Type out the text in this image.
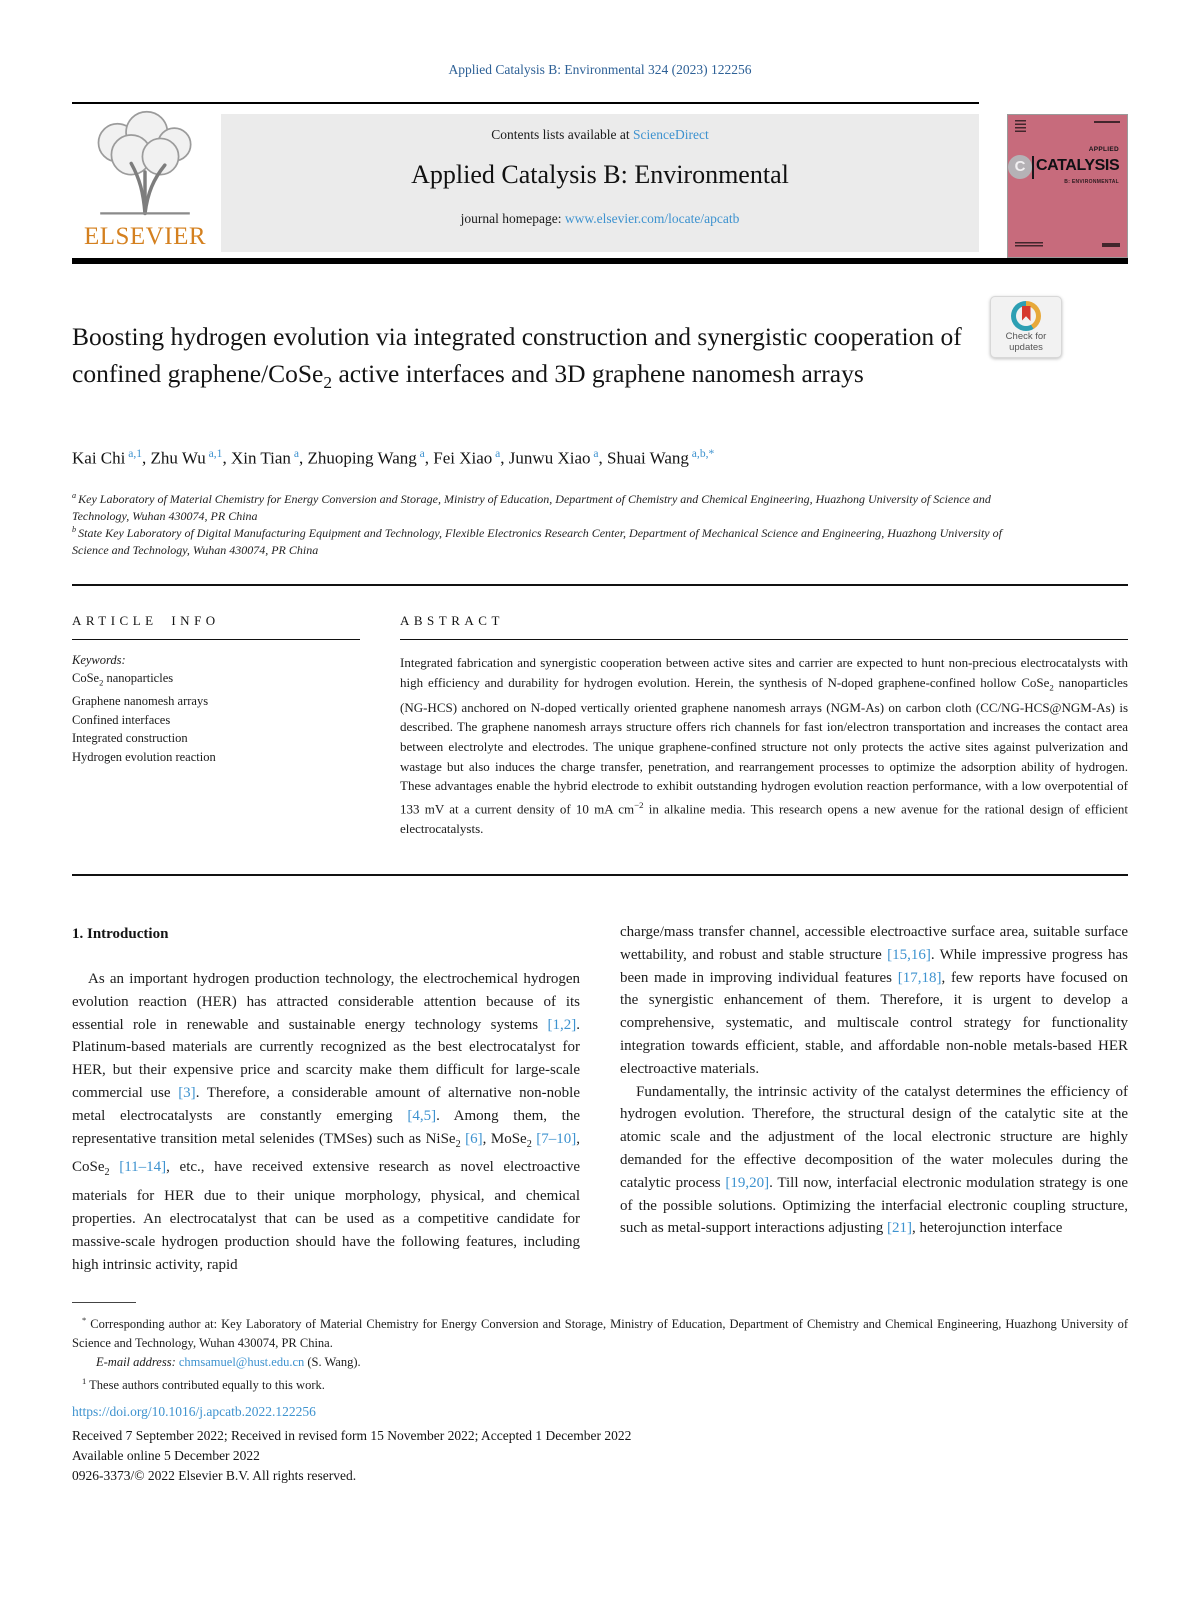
Applied Catalysis B: Environmental 324 (2023) 122256
ELSEVIER
Contents lists available at ScienceDirect
Applied Catalysis B: Environmental
journal homepage: www.elsevier.com/locate/apcatb
C
APPLIED
CATALYSIS
B: ENVIRONMENTAL
Check for updates
Boosting hydrogen evolution via integrated construction and synergistic cooperation of confined graphene/CoSe$_2$ active interfaces and 3D graphene nanomesh arrays
Kai Chi $^{a,1}$, Zhu Wu $^{a,1}$, Xin Tian $^a$, Zhuoping Wang $^a$, Fei Xiao $^a$, Junwu Xiao $^a$, Shuai Wang $^{a,b,*}$
$^a$ Key Laboratory of Material Chemistry for Energy Conversion and Storage, Ministry of Education, Department of Chemistry and Chemical Engineering, Huazhong University of Science and Technology, Wuhan 430074, PR China
$^b$ State Key Laboratory of Digital Manufacturing Equipment and Technology, Flexible Electronics Research Center, Department of Mechanical Science and Engineering, Huazhong University of Science and Technology, Wuhan 430074, PR China
ARTICLE INFO
Keywords:
CoSe$_2$ nanoparticles
Graphene nanomesh arrays
Confined interfaces
Integrated construction
Hydrogen evolution reaction
ABSTRACT
Integrated fabrication and synergistic cooperation between active sites and carrier are expected to hunt non-precious electrocatalysts with high efficiency and durability for hydrogen evolution. Herein, the synthesis of N-doped graphene-confined hollow CoSe$_2$ nanoparticles (NG-HCS) anchored on N-doped vertically oriented graphene nanomesh arrays (NGM-As) on carbon cloth (CC/NG-HCS@NGM-As) is described. The graphene nanomesh arrays structure offers rich channels for fast ion/electron transportation and increases the contact area between electrolyte and electrodes. The unique graphene-confined structure not only protects the active sites against pulverization and wastage but also induces the charge transfer, penetration, and rearrangement processes to optimize the adsorption ability of hydrogen. These advantages enable the hybrid electrode to exhibit outstanding hydrogen evolution reaction performance, with a low overpotential of 133 mV at a current density of 10 mA $cm^{-2}$ in alkaline media. This research opens a new avenue for the rational design of efficient electrocatalysts.
1. Introduction

As an important hydrogen production technology, the electrochemical hydrogen evolution reaction (HER) has attracted considerable attention because of its essential role in renewable and sustainable energy technology systems [1,2]. Platinum-based materials are currently recognized as the best electrocatalyst for HER, but their expensive price and scarcity make them difficult for large-scale commercial use [3]. Therefore, a considerable amount of alternative non-noble metal electrocatalysts are constantly emerging [4,5]. Among them, the representative transition metal selenides (TMSes) such as NiSe$_2$ [6], MoSe$_2$ [7–10], CoSe$_2$ [11–14], etc., have received extensive research as novel electroactive materials for HER due to their unique morphology, physical, and chemical properties. An electrocatalyst that can be used as a competitive candidate for massive-scale hydrogen production should have the following features, including high intrinsic activity, rapid

charge/mass transfer channel, accessible electroactive surface area, suitable surface wettability, and robust and stable structure [15,16]. While impressive progress has been made in improving individual features [17,18], few reports have focused on the synergistic enhancement of them. Therefore, it is urgent to develop a comprehensive, systematic, and multiscale control strategy for functionality integration towards efficient, stable, and affordable non-noble metals-based HER electroactive materials.

Fundamentally, the intrinsic activity of the catalyst determines the efficiency of hydrogen evolution. Therefore, the structural design of the catalytic site at the atomic scale and the adjustment of the local electronic structure are highly demanded for the effective decomposition of the water molecules during the catalytic process [19,20]. Till now, interfacial electronic modulation strategy is one of the possible solutions. Optimizing the interfacial electronic coupling structure, such as metal-support interactions adjusting [21], heterojunction interface

* Corresponding author at: Key Laboratory of Material Chemistry for Energy Conversion and Storage, Ministry of Education, Department of Chemistry and Chemical Engineering, Huazhong University of Science and Technology, Wuhan 430074, PR China.

E-mail address: chmsamuel@hust.edu.cn (S. Wang).

$^1$ These authors contributed equally to this work.

https://doi.org/10.1016/j.apcatb.2022.122256
Received 7 September 2022; Received in revised form 15 November 2022; Accepted 1 December 2022
Available online 5 December 2022
0926-3373/© 2022 Elsevier B.V. All rights reserved.
